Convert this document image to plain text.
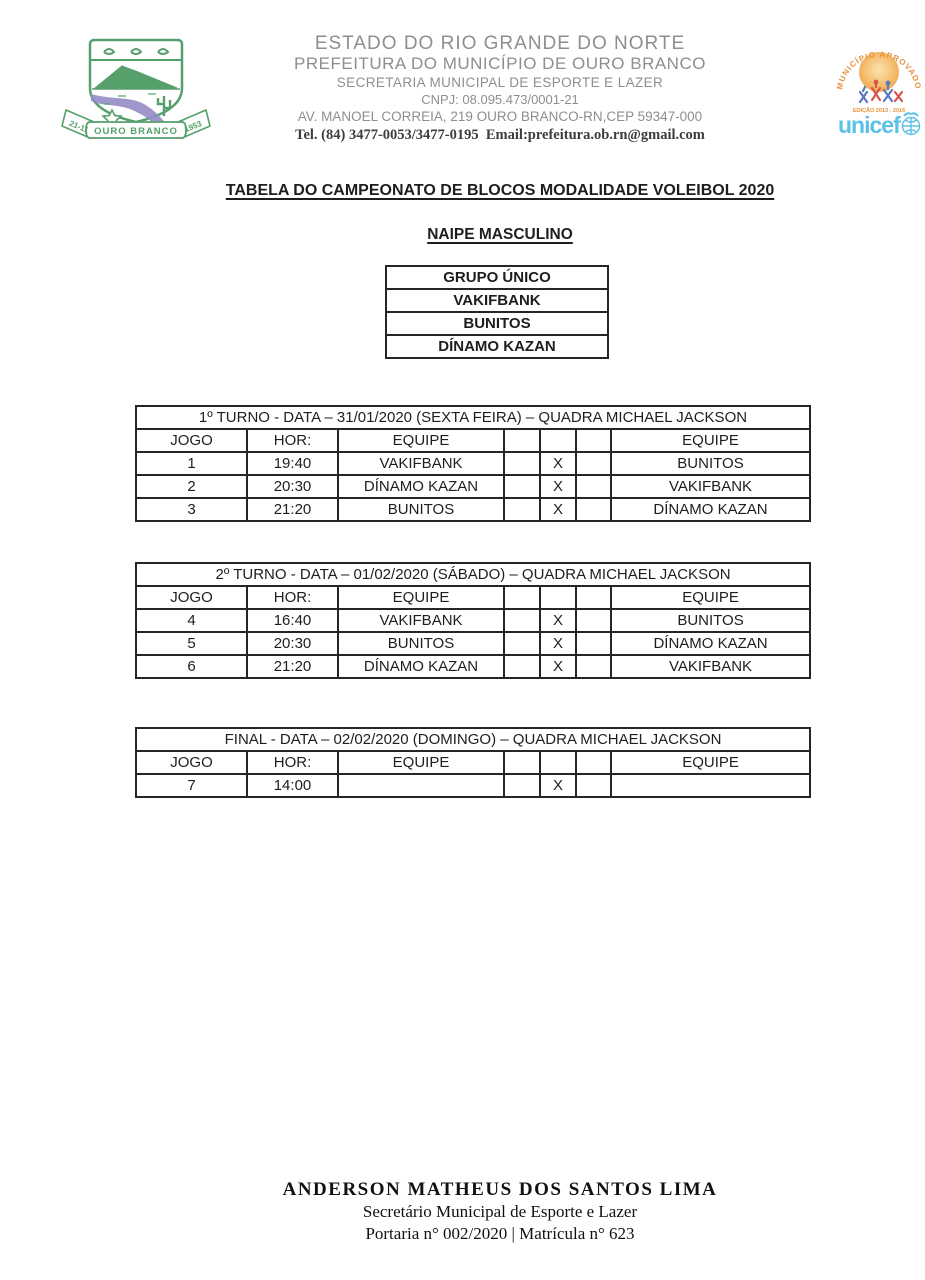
21-11	1953
OURO BRANCO
ESTADO DO RIO GRANDE DO NORTE
PREFEITURA DO MUNICÍPIO DE OURO BRANCO
SECRETARIA MUNICIPAL DE ESPORTE E LAZER
CNPJ: 08.095.473/0001-21
AV. MANOEL CORREIA, 219 OURO BRANCO-RN,CEP 59347-000
Tel. (84) 3477-0053/3477-0195  Email:prefeitura.ob.rn@gmail.com
MUNICÍPIO APROVADO
EDIÇÃO 2013 - 2016
unicef
TABELA DO CAMPEONATO DE BLOCOS MODALIDADE VOLEIBOL 2020
NAIPE MASCULINO
GRUPO ÚNICO
VAKIFBANK
BUNITOS
DÍNAMO KAZAN
1º TURNO - DATA – 31/01/2020 (SEXTA FEIRA) – QUADRA MICHAEL JACKSON						
JOGO	HOR:	EQUIPE				EQUIPE
1	19:40	VAKIFBANK		X		BUNITOS
2	20:30	DÍNAMO KAZAN		X		VAKIFBANK
3	21:20	BUNITOS		X		DÍNAMO KAZAN
2º TURNO - DATA – 01/02/2020 (SÁBADO) – QUADRA MICHAEL JACKSON						
JOGO	HOR:	EQUIPE				EQUIPE
4	16:40	VAKIFBANK		X		BUNITOS
5	20:30	BUNITOS		X		DÍNAMO KAZAN
6	21:20	DÍNAMO KAZAN		X		VAKIFBANK
FINAL - DATA – 02/02/2020 (DOMINGO) – QUADRA MICHAEL JACKSON						
JOGO	HOR:	EQUIPE				EQUIPE
7	14:00			X		
ANDERSON MATHEUS DOS SANTOS LIMA
Secretário Municipal de Esporte e Lazer
Portaria n° 002/2020 | Matrícula n° 623
